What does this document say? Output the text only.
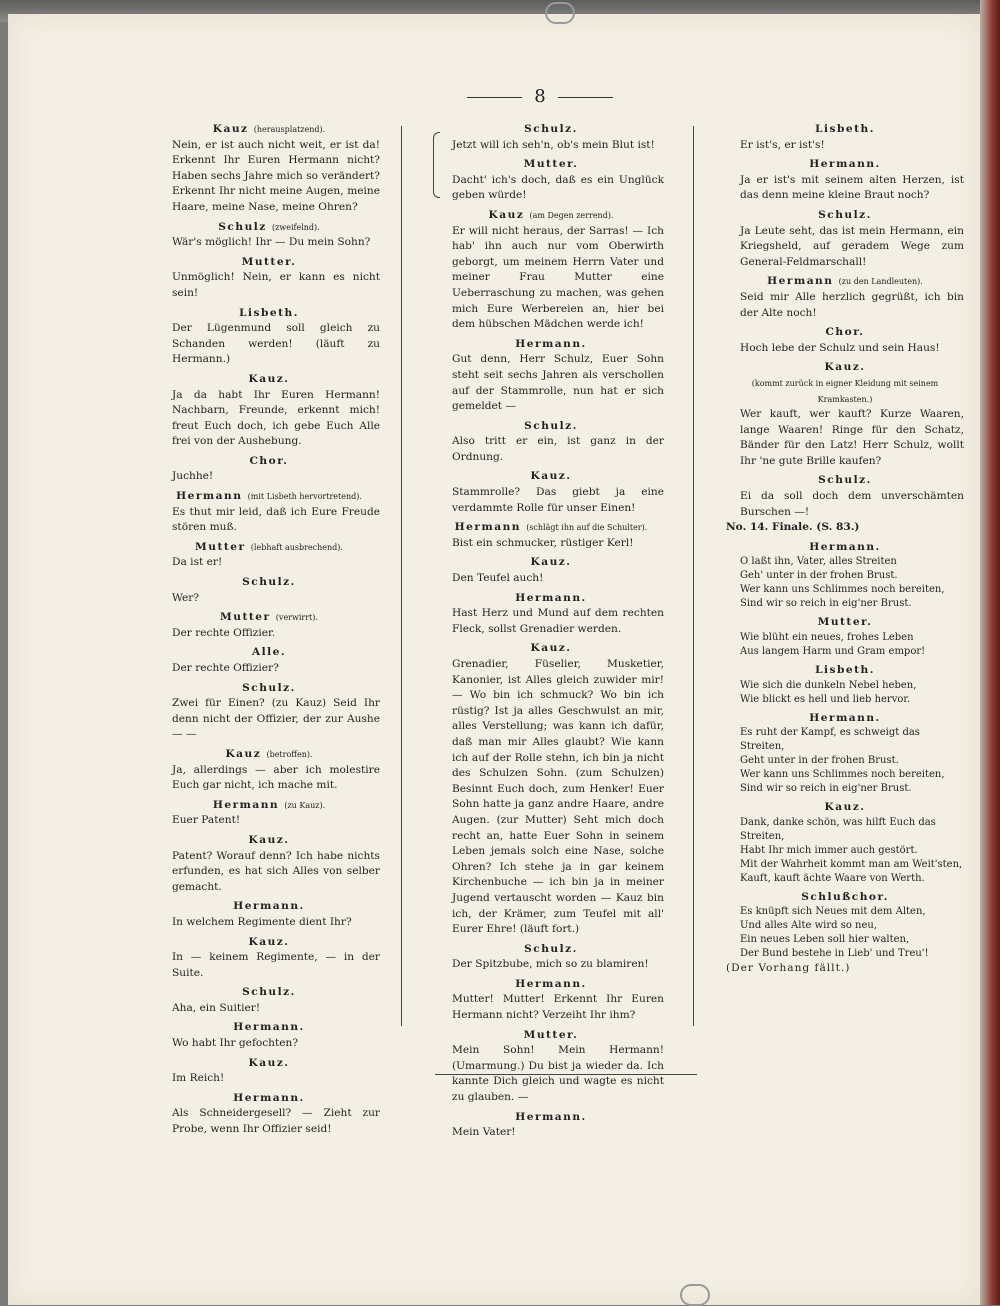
8

Kauz (herausplatzend).

Nein, er ist auch nicht weit, er ist da! Erkennt Ihr Euren Hermann nicht? Haben sechs Jahre mich so verändert? Erkennt Ihr nicht meine Augen, meine Haare, meine Nase, meine Ohren?

Schulz (zweifelnd).

Wär's möglich! Ihr — Du mein Sohn?

Mutter.

Unmöglich! Nein, er kann es nicht sein!

Lisbeth.

Der Lügenmund soll gleich zu Schanden werden! (läuft zu Hermann.)

Kauz.

Ja da habt Ihr Euren Hermann! Nachbarn, Freunde, erkennt mich! freut Euch doch, ich gebe Euch Alle frei von der Aushebung.

Chor.

Juchhe!

Hermann (mit Lisbeth hervortretend).

Es thut mir leid, daß ich Eure Freude stören muß.

Mutter (lebhaft ausbrechend).

Da ist er!

Schulz.

Wer?

Mutter (verwirrt).

Der rechte Offizier.

Alle.

Der rechte Offizier?

Schulz.

Zwei für Einen? (zu Kauz) Seid Ihr denn nicht der Offizier, der zur Aushe — —

Kauz (betroffen).

Ja, allerdings — aber ich molestire Euch gar nicht, ich mache mit.

Hermann (zu Kauz).

Euer Patent!

Kauz.

Patent? Worauf denn? Ich habe nichts erfunden, es hat sich Alles von selber gemacht.

Hermann.

In welchem Regimente dient Ihr?

Kauz.

In — keinem Regimente, — in der Suite.

Schulz.

Aha, ein Suitier!

Hermann.

Wo habt Ihr gefochten?

Kauz.

Im Reich!

Hermann.

Als Schneidergesell? — Zieht zur Probe, wenn Ihr Offizier seid!

Schulz.

Jetzt will ich seh'n, ob's mein Blut ist!

Mutter.

Dacht' ich's doch, daß es ein Unglück geben würde!

Kauz (am Degen zerrend).

Er will nicht heraus, der Sarras! — Ich hab' ihn auch nur vom Oberwirth geborgt, um meinem Herrn Vater und meiner Frau Mutter eine Ueberraschung zu machen, was gehen mich Eure Werbereien an, hier bei dem hübschen Mädchen werde ich!

Hermann.

Gut denn, Herr Schulz, Euer Sohn steht seit sechs Jahren als verschollen auf der Stammrolle, nun hat er sich gemeldet —

Schulz.

Also tritt er ein, ist ganz in der Ordnung.

Kauz.

Stammrolle? Das giebt ja eine verdammte Rolle für unser Einen!

Hermann (schlägt ihn auf die Schulter).

Bist ein schmucker, rüstiger Kerl!

Kauz.

Den Teufel auch!

Hermann.

Hast Herz und Mund auf dem rechten Fleck, sollst Grenadier werden.

Kauz.

Grenadier, Füselier, Musketier, Kanonier, ist Alles gleich zuwider mir! — Wo bin ich schmuck? Wo bin ich rüstig? Ist ja alles Geschwulst an mir, alles Verstellung; was kann ich dafür, daß man mir Alles glaubt? Wie kann ich auf der Rolle stehn, ich bin ja nicht des Schulzen Sohn. (zum Schulzen) Besinnt Euch doch, zum Henker! Euer Sohn hatte ja ganz andre Haare, andre Augen. (zur Mutter) Seht mich doch recht an, hatte Euer Sohn in seinem Leben jemals solch eine Nase, solche Ohren? Ich stehe ja in gar keinem Kirchenbuche — ich bin ja in meiner Jugend vertauscht worden — Kauz bin ich, der Krämer, zum Teufel mit all' Eurer Ehre! (läuft fort.)

Schulz.

Der Spitzbube, mich so zu blamiren!

Hermann.

Mutter! Mutter! Erkennt Ihr Euren Hermann nicht? Verzeiht Ihr ihm?

Mutter.

Mein Sohn! Mein Hermann! (Umarmung.) Du bist ja wieder da. Ich kannte Dich gleich und wagte es nicht zu glauben. —

Hermann.

Mein Vater!

Lisbeth.

Er ist's, er ist's!

Hermann.

Ja er ist's mit seinem alten Herzen, ist das denn meine kleine Braut noch?

Schulz.

Ja Leute seht, das ist mein Hermann, ein Kriegsheld, auf geradem Wege zum General-Feldmarschall!

Hermann (zu den Landleuten).

Seid mir Alle herzlich gegrüßt, ich bin der Alte noch!

Chor.

Hoch lebe der Schulz und sein Haus!

Kauz.

(kommt zurück in eigner Kleidung mit seinem Kramkasten.)

Wer kauft, wer kauft? Kurze Waaren, lange Waaren! Ringe für den Schatz, Bänder für den Latz! Herr Schulz, wollt Ihr 'ne gute Brille kaufen?

Schulz.

Ei da soll doch dem unverschämten Burschen —!

No. 14. Finale. (S. 83.)

Hermann.

O laßt ihn, Vater, alles Streiten

Geh' unter in der frohen Brust.

Wer kann uns Schlimmes noch bereiten,

Sind wir so reich in eig'ner Brust.

Mutter.

Wie blüht ein neues, frohes Leben

Aus langem Harm und Gram empor!

Lisbeth.

Wie sich die dunkeln Nebel heben,

Wie blickt es hell und lieb hervor.

Hermann.

Es ruht der Kampf, es schweigt das Streiten,

Geht unter in der frohen Brust.

Wer kann uns Schlimmes noch bereiten,

Sind wir so reich in eig'ner Brust.

Kauz.

Dank, danke schön, was hilft Euch das Streiten,

Habt Ihr mich immer auch gestört.

Mit der Wahrheit kommt man am Weit'sten,

Kauft, kauft ächte Waare von Werth.

Schlußchor.

Es knüpft sich Neues mit dem Alten,

Und alles Alte wird so neu,

Ein neues Leben soll hier walten,

Der Bund bestehe in Lieb' und Treu'!

(Der Vorhang fällt.)
